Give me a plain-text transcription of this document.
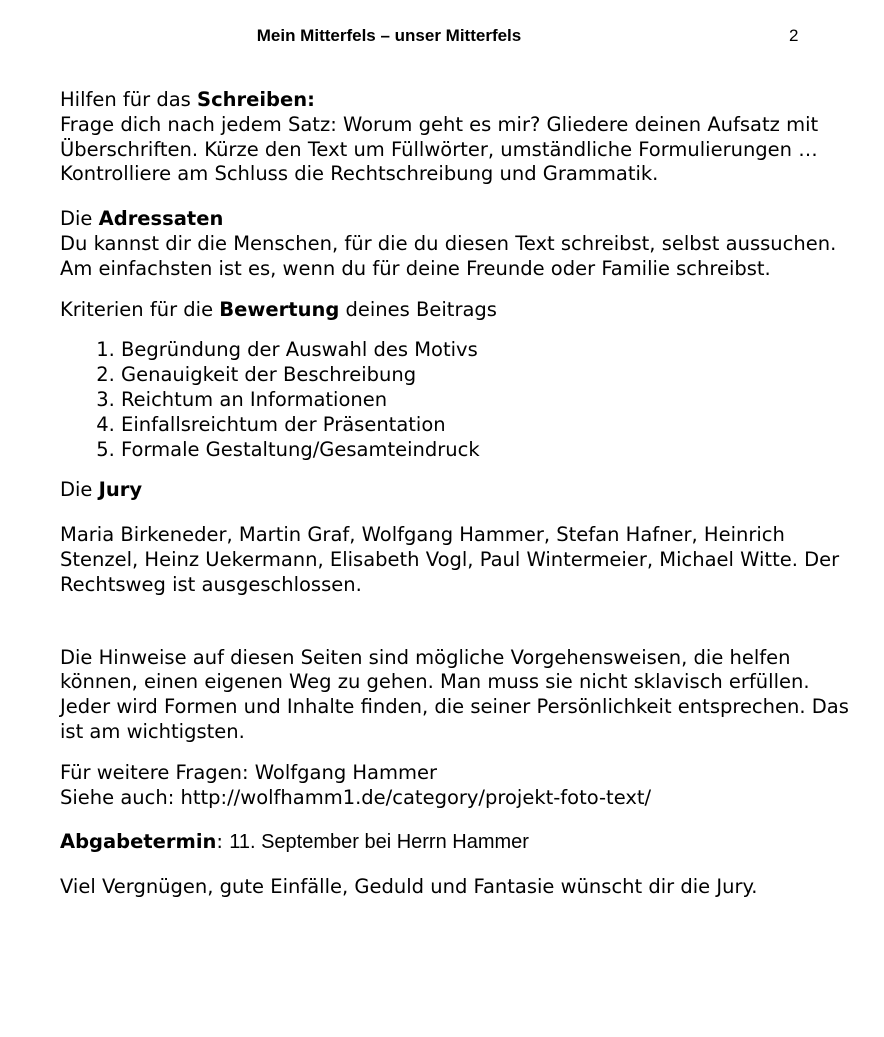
Mein Mitterfels – unser Mitterfels	2

Hilfen für das Schreiben:

Frage dich nach jedem Satz: Worum geht es mir? Gliedere deinen Aufsatz mit Überschriften. Kürze den Text um Füllwörter, umständliche Formulierungen … Kontrolliere am Schluss die Rechtschreibung und Grammatik.

Die Adressaten

Du kannst dir die Menschen, für die du diesen Text schreibst, selbst aussuchen. Am einfachsten ist es, wenn du für deine Freunde oder Familie schreibst.

Kriterien für die Bewertung deines Beitrags

1. Begründung der Auswahl des Motivs
2. Genauigkeit der Beschreibung
3. Reichtum an Informationen
4. Einfallsreichtum der Präsentation
5. Formale Gestaltung/Gesamteindruck

Die Jury

Maria Birkeneder, Martin Graf, Wolfgang Hammer, Stefan Hafner, Heinrich Stenzel, Heinz Uekermann, Elisabeth Vogl, Paul Wintermeier, Michael Witte. Der Rechtsweg ist ausgeschlossen.

Die Hinweise auf diesen Seiten sind mögliche Vorgehensweisen, die helfen können, einen eigenen Weg zu gehen. Man muss sie nicht sklavisch erfüllen. Jeder wird Formen und Inhalte finden, die seiner Persönlichkeit entsprechen. Das ist am wichtigsten.

Für weitere Fragen: Wolfgang Hammer

Siehe auch: http://wolfhamm1.de/category/projekt-foto-text/

Abgabetermin: 11. September bei Herrn Hammer

Viel Vergnügen, gute Einfälle, Geduld und Fantasie wünscht dir die Jury.
